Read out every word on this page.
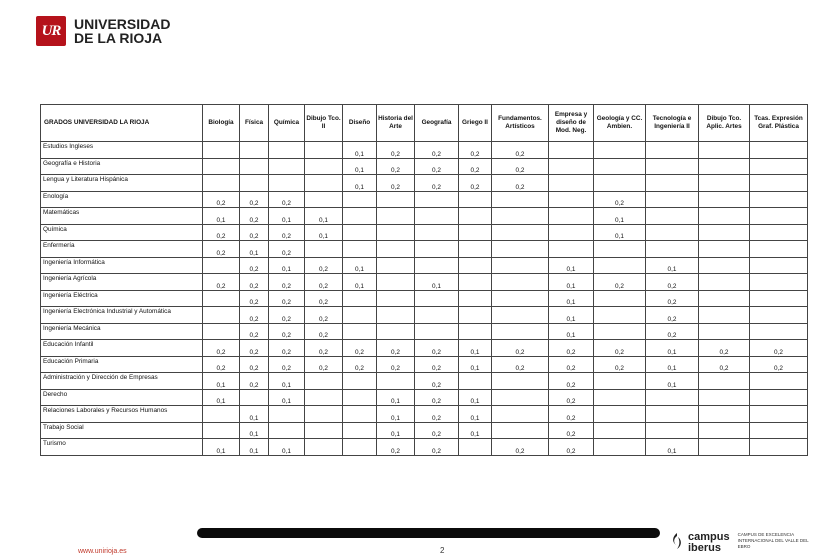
UR UNIVERSIDAD
DE LA RIOJA
GRADOS UNIVERSIDAD LA RIOJA	Biología	Física	Química	Dibujo Tco. II	Diseño	Historia del Arte	Geografía	Griego II	Fundamentos. Artísticos	Empresa y diseño de Mod. Neg.	Geología y CC. Ambien.	Tecnología e Ingeniería II	Dibujo Tco. Aplic. Artes	Tcas. Expresión Graf. Plástica
Estudios Ingleses					0,1	0,2	0,2	0,2	0,2					
Geografía e Historia					0,1	0,2	0,2	0,2	0,2					
Lengua y Literatura Hispánica					0,1	0,2	0,2	0,2	0,2					
Enología	0,2	0,2	0,2								0,2			
Matemáticas	0,1	0,2	0,1	0,1							0,1			
Química	0,2	0,2	0,2	0,1							0,1			
Enfermería	0,2	0,1	0,2											
Ingeniería Informática		0,2	0,1	0,2	0,1					0,1		0,1		
Ingeniería Agrícola	0,2	0,2	0,2	0,2	0,1		0,1			0,1	0,2	0,2		
Ingeniería Eléctrica		0,2	0,2	0,2						0,1		0,2		
Ingeniería Electrónica Industrial y Automática		0,2	0,2	0,2						0,1		0,2		
Ingeniería Mecánica		0,2	0,2	0,2						0,1		0,2		
Educación Infantil	0,2	0,2	0,2	0,2	0,2	0,2	0,2	0,1	0,2	0,2	0,2	0,1	0,2	0,2
Educación Primaria	0,2	0,2	0,2	0,2	0,2	0,2	0,2	0,1	0,2	0,2	0,2	0,1	0,2	0,2
Administración y Dirección de Empresas	0,1	0,2	0,1				0,2			0,2		0,1		
Derecho	0,1		0,1			0,1	0,2	0,1		0,2				
Relaciones Laborales y Recursos Humanos		0,1				0,1	0,2	0,1		0,2				
Trabajo Social		0,1				0,1	0,2	0,1		0,2				
Turismo	0,1	0,1	0,1			0,2	0,2		0,2	0,2		0,1		
www.unirioja.es	2
campus
iberus
CAMPUS DE EXCELENCIA INTERNACIONAL DEL VALLE DEL EBRO
